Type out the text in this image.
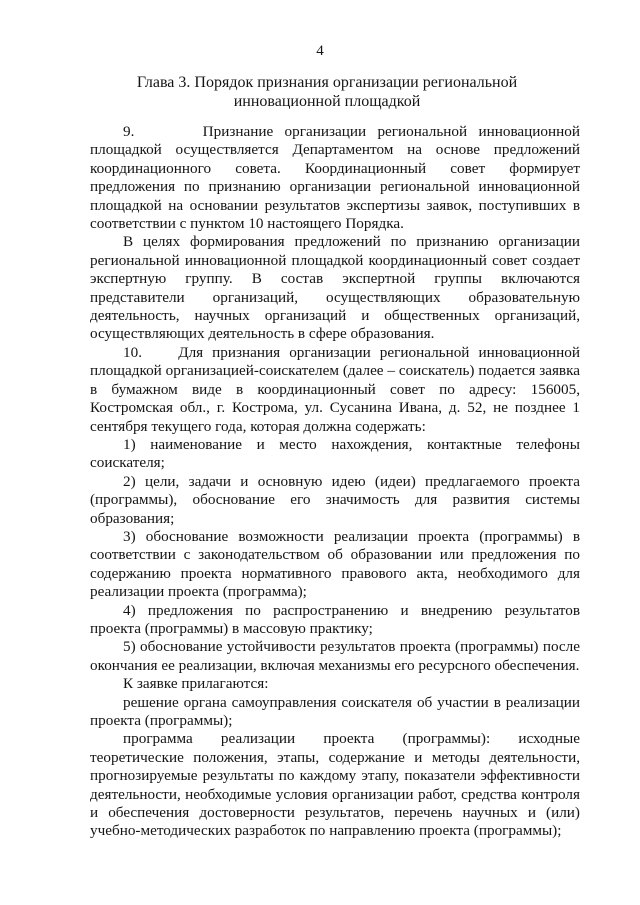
4
Глава 3. Порядок признания организации региональной инновационной площадкой

9.      Признание организации региональной инновационной площадкой осуществляется Департаментом на основе предложений координационного совета. Координационный совет формирует предложения по признанию организации региональной инновационной площадкой на основании результатов экспертизы заявок, поступивших в соответствии с пунктом 10 настоящего Порядка.

В целях формирования предложений по признанию организации региональной инновационной площадкой координационный совет создает экспертную группу. В состав экспертной группы включаются представители организаций, осуществляющих образовательную деятельность, научных организаций и общественных организаций, осуществляющих деятельность в сфере образования.

10.    Для признания организации региональной инновационной площадкой организацией-соискателем (далее – соискатель) подается заявка в бумажном виде в координационный совет по адресу: 156005, Костромская обл., г. Кострома, ул. Сусанина Ивана, д. 52, не позднее 1 сентября текущего года, которая должна содержать:

1) наименование и место нахождения, контактные телефоны соискателя;

2) цели, задачи и основную идею (идеи) предлагаемого проекта (программы), обоснование его значимость для развития системы образования;

3) обоснование возможности реализации проекта (программы) в соответствии с законодательством об образовании или предложения по содержанию проекта нормативного правового акта, необходимого для реализации проекта (программа);

4) предложения по распространению и внедрению результатов проекта (программы) в массовую практику;

5) обоснование устойчивости результатов проекта (программы) после окончания ее реализации, включая механизмы его ресурсного обеспечения.

К заявке прилагаются:

решение органа самоуправления соискателя об участии в реализации проекта (программы);

программа реализации проекта (программы): исходные теоретические положения, этапы, содержание и методы деятельности, прогнозируемые результаты по каждому этапу, показатели эффективности деятельности, необходимые условия организации работ, средства контроля и обеспечения достоверности результатов, перечень научных и (или) учебно-методических разработок по направлению проекта (программы);
